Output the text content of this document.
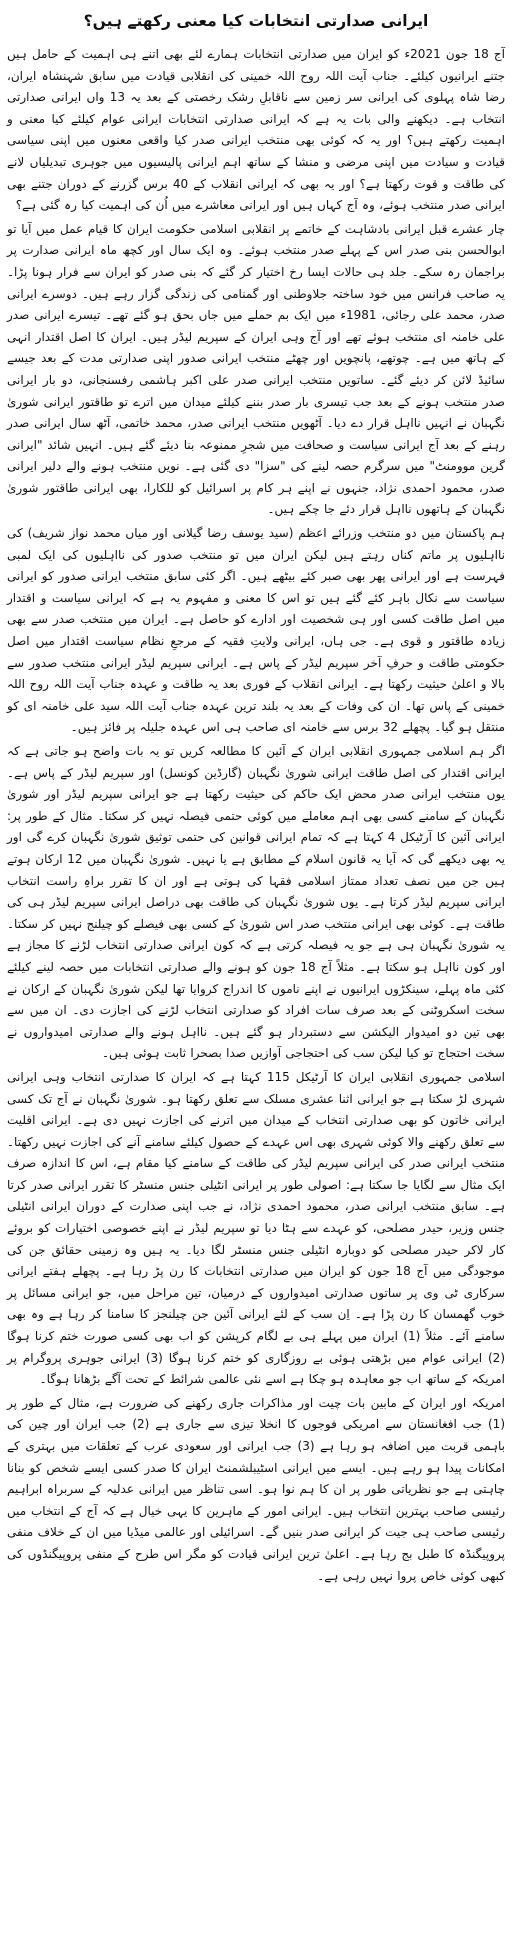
ایرانی صدارتی انتخابات کیا معنی رکھتے ہیں؟

آج 18 جون 2021ء کو ایران میں صدارتی انتخابات ہمارے لئے بھی اتنے ہی اہمیت کے حامل ہیں جتنے ایرانیوں کیلئے۔ جناب آیت اللہ روح اللہ خمینی کی انقلابی قیادت میں سابق شہنشاہ ایران، رضا شاہ پہلوی کی ایرانی سر زمین سے ناقابلِ رشک رخصتی کے بعد یہ 13 واں ایرانی صدارتی انتخاب ہے۔ دیکھنے والی بات یہ ہے کہ ایرانی صدارتی انتخابات ایرانی عوام کیلئے کیا معنی و اہمیت رکھتے ہیں؟ اور یہ کہ کوئی بھی منتخب ایرانی صدر کیا واقعی معنوں میں اپنی سیاسی قیادت و سیادت میں اپنی مرضی و منشا کے ساتھ اہم ایرانی پالیسیوں میں جوہری تبدیلیاں لانے کی طاقت و قوت رکھتا ہے؟ اور یہ بھی کہ ایرانی انقلاب کے 40 برس گزرنے کے دوران جتنے بھی ایرانی صدر منتخب ہوئے، وہ آج کہاں ہیں اور ایرانی معاشرے میں اُن کی اہمیت کیا رہ گئی ہے؟

چار عشرے قبل ایرانی بادشاہت کے خاتمے پر انقلابی اسلامی حکومت ایران کا قیام عمل میں آیا تو ابوالحسن بنی صدر اس کے پہلے صدر منتخب ہوئے۔ وہ ایک سال اور کچھ ماہ ایرانی صدارت پر براجمان رہ سکے۔ جلد ہی حالات ایسا رخ اختیار کر گئے کہ بنی صدر کو ایران سے فرار ہونا پڑا۔ یہ صاحب فرانس میں خود ساختہ جلاوطنی اور گمنامی کی زندگی گزار رہے ہیں۔ دوسرے ایرانی صدر، محمد علی رجائی، 1981ء میں ایک بم حملے میں جاں بحق ہو گئے تھے۔ تیسرے ایرانی صدر علی خامنہ ای منتخب ہوئے تھے اور آج وہی ایران کے سپریم لیڈر ہیں۔ ایران کا اصل اقتدار انہی کے ہاتھ میں ہے۔ چوتھے، پانچویں اور چھٹے منتخب ایرانی صدور اپنی صدارتی مدت کے بعد جیسے سائیڈ لائن کر دیئے گئے۔ ساتویں منتخب ایرانی صدر علی اکبر ہاشمی رفسنجانی، دو بار ایرانی صدر منتخب ہونے کے بعد جب تیسری بار صدر بننے کیلئے میدان میں اترے تو طاقتور ایرانی شوریٰ نگہبان نے انہیں نااہل قرار دے دیا۔ آٹھویں منتخب ایرانی صدر، محمد خاتمی، آٹھ سال ایرانی صدر رہنے کے بعد آج ایرانی سیاست و صحافت میں شجرِ ممنوعہ بنا دیئے گئے ہیں۔ انہیں شائد "ایرانی گرین موومنٹ" میں سرگرم حصہ لینے کی "سزا" دی گئی ہے۔ نویں منتخب ہونے والے دلیر ایرانی صدر، محمود احمدی نژاد، جنہوں نے اپنے ہر کام پر اسرائیل کو للکارا، بھی ایرانی طاقتور شوریٰ نگہبان کے ہاتھوں نااہل قرار دئے جا چکے ہیں۔

ہم پاکستان میں دو منتخب وزرائے اعظم (سید یوسف رضا گیلانی اور میاں محمد نواز شریف) کی نااہلیوں پر ماتم کناں رہتے ہیں لیکن ایران میں تو منتخب صدور کی نااہلیوں کی ایک لمبی فہرست ہے اور ایرانی پھر بھی صبر کئے بیٹھے ہیں۔ اگر کئی سابق منتخب ایرانی صدور کو ایرانی سیاست سے نکال باہر کئے گئے ہیں تو اس کا معنی و مفہوم یہ ہے کہ ایرانی سیاست و اقتدار میں اصل طاقت کسی اور ہی شخصیت اور ادارے کو حاصل ہے۔ ایران میں منتخب صدر سے بھی زیادہ طاقتور و قوی ہے۔ جی ہاں، ایرانی ولایتِ فقیہ کے مرجعِ نظام سیاست اقتدار میں اصل حکومتی طاقت و حرفِ آخر سپریم لیڈر کے پاس ہے۔ ایرانی سپریم لیڈر ایرانی منتخب صدور سے بالا و اعلیٰ حیثیت رکھتا ہے۔ ایرانی انقلاب کے فوری بعد یہ طاقت و عہدہ جناب آیت اللہ روح اللہ خمینی کے پاس تھا۔ ان کی وفات کے بعد یہ بلند ترین عہدہ جناب آیت اللہ سید علی خامنہ ای کو منتقل ہو گیا۔ پچھلے 32 برس سے خامنہ ای صاحب ہی اس عہدہ جلیلہ پر فائز ہیں۔

اگر ہم اسلامی جمہوری انقلابی ایران کے آئین کا مطالعہ کریں تو یہ بات واضح ہو جاتی ہے کہ ایرانی اقتدار کی اصل طاقت ایرانی شوریٰ نگہبان (گارڈین کونسل) اور سپریم لیڈر کے پاس ہے۔ یوں منتخب ایرانی صدر محض ایک حاکم کی حیثیت رکھتا ہے جو ایرانی سپریم لیڈر اور شوریٰ نگہبان کے سامنے کسی بھی اہم معاملے میں کوئی حتمی فیصلہ نہیں کر سکتا۔ مثال کے طور پر: ایرانی آئین کا آرٹیکل 4 کہتا ہے کہ تمام ایرانی قوانین کی حتمی توثیق شوریٰ نگہبان کرے گی اور یہ بھی دیکھے گی کہ آیا یہ قانون اسلام کے مطابق ہے یا نہیں۔ شوریٰ نگہبان میں 12 ارکان ہوتے ہیں جن میں نصف تعداد ممتاز اسلامی فقہا کی ہوتی ہے اور ان کا تقرر براہِ راست انتخاب ایرانی سپریم لیڈر کرتا ہے۔ یوں شوریٰ نگہبان کی طاقت بھی دراصل ایرانی سپریم لیڈر ہی کی طاقت ہے۔ کوئی بھی ایرانی منتخب صدر اس شوریٰ کے کسی بھی فیصلے کو چیلنج نہیں کر سکتا۔ یہ شوریٰ نگہبان ہی ہے جو یہ فیصلہ کرتی ہے کہ کون ایرانی صدارتی انتخاب لڑنے کا مجاز ہے اور کون نااہل ہو سکتا ہے۔ مثلاً آج 18 جون کو ہونے والے صدارتی انتخابات میں حصہ لینے کیلئے کئی ماہ پہلے، سینکڑوں ایرانیوں نے اپنے ناموں کا اندراج کروایا تھا لیکن شوریٰ نگہبان کے ارکان نے سخت اسکروٹنی کے بعد صرف سات افراد کو صدارتی انتخاب لڑنے کی اجازت دی۔ ان میں سے بھی تین دو امیدوار الیکشن سے دستبردار ہو گئے ہیں۔ نااہل ہونے والے صدارتی امیدواروں نے سخت احتجاج تو کیا لیکن سب کی احتجاجی آوازیں صدا بصحرا ثابت ہوئی ہیں۔

اسلامی جمہوری انقلابی ایران کا آرٹیکل 115 کہتا ہے کہ ایران کا صدارتی انتخاب وہی ایرانی شہری لڑ سکتا ہے جو ایرانی اثنا عشری مسلک سے تعلق رکھتا ہو۔ شوریٰ نگہبان نے آج تک کسی ایرانی خاتون کو بھی صدارتی انتخاب کے میدان میں اترنے کی اجازت نہیں دی ہے۔ ایرانی اقلیت سے تعلق رکھنے والا کوئی شہری بھی اس عہدے کے حصول کیلئے سامنے آنے کی اجازت نہیں رکھتا۔ منتخب ایرانی صدر کی ایرانی سپریم لیڈر کی طاقت کے سامنے کیا مقام ہے، اس کا اندازہ صرف ایک مثال سے لگایا جا سکتا ہے: اصولی طور پر ایرانی انٹیلی جنس منسٹر کا تقرر ایرانی صدر کرتا ہے۔ سابق منتخب ایرانی صدر، محمود احمدی نژاد، نے جب اپنی صدارت کے دوران ایرانی انٹیلی جنس وزیر، حیدر مصلحی، کو عہدے سے ہٹا دیا تو سپریم لیڈر نے اپنے خصوصی اختیارات کو بروئے کار لاکر حیدر مصلحی کو دوبارہ انٹیلی جنس منسٹر لگا دیا۔ یہ ہیں وہ زمینی حقائق جن کی موجودگی میں آج 18 جون کو ایران میں صدارتی انتخابات کا رن پڑ رہا ہے۔ پچھلے ہفتے ایرانی سرکاری ٹی وی پر ساتوں صدارتی امیدواروں کے درمیان، تین مراحل میں، جو ایرانی مسائل پر خوب گھمسان کا رن پڑا ہے۔ اِن سب کے لئے ایرانی آئین جن چیلنجز کا سامنا کر رہا ہے وہ بھی سامنے آئے۔ مثلاً (1) ایران میں پہلے ہی بے لگام کرپشن کو اب بھی کسی صورت ختم کرنا ہوگا (2) ایرانی عوام میں بڑھتی ہوئی بے روزگاری کو ختم کرنا ہوگا (3) ایرانی جوہری پروگرام پر امریکہ کے ساتھ اب جو معاہدہ ہو چکا ہے اسے نئی عالمی شرائط کے تحت آگے بڑھانا ہوگا۔

امریکہ اور ایران کے مابین بات چیت اور مذاکرات جاری رکھنے کی ضرورت ہے، مثال کے طور پر (1) جب افغانستان سے امریکی فوجوں کا انخلا تیزی سے جاری ہے (2) جب ایران اور چین کی باہمی قربت میں اضافہ ہو رہا ہے (3) جب ایرانی اور سعودی عرب کے تعلقات میں بہتری کے امکانات پیدا ہو رہے ہیں۔ ایسے میں ایرانی اسٹیبلشمنٹ ایران کا صدر کسی ایسے شخص کو بنانا چاہتی ہے جو نظریاتی طور پر ان کا ہم نوا ہو۔ اسی تناظر میں ایرانی عدلیہ کے سربراہ ابراہیم رئیسی صاحب بہترین انتخاب ہیں۔ ایرانی امور کے ماہرین کا یہی خیال ہے کہ آج کے انتخاب میں رئیسی صاحب ہی جیت کر ایرانی صدر بنیں گے۔ اسرائیلی اور عالمی میڈیا میں ان کے خلاف منفی پروپیگنڈہ کا طبل بج رہا ہے۔ اعلیٰ ترین ایرانی قیادت کو مگر اس طرح کے منفی پروپیگنڈوں کی کبھی کوئی خاص پروا نہیں رہی ہے۔
